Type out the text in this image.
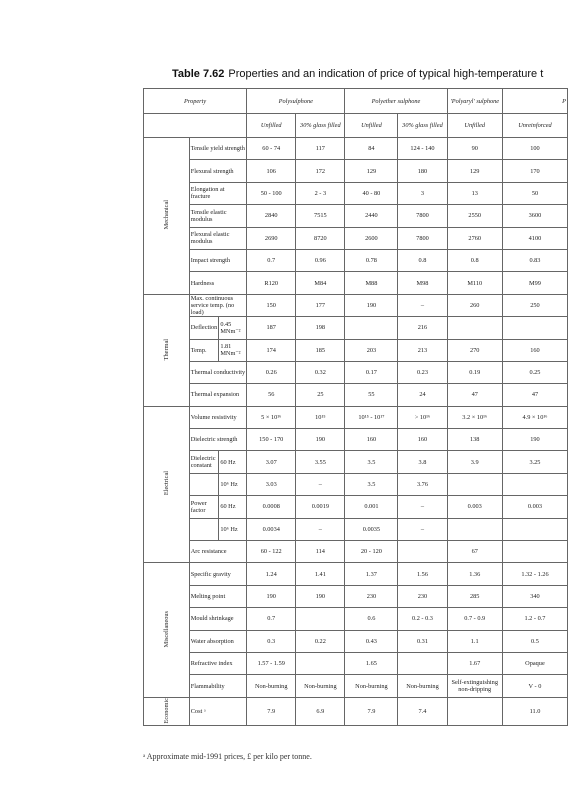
Table 7.62 Properties and an indication of price of typical high-temperature t
Property			Polysulphone		Polyether sulphone		'Polyaryl' sulphone	P
			Unfilled	30% glass filled	Unfilled	30% glass filled	Unfilled	Unreinforced
Mechanical	Tensile yield strength		60 - 74	117	84	124 - 140	90	100
	Flexural strength		106	172	129	180	129	170
	Elongation at fracture		50 - 100	2 - 3	40 - 80	3	13	50
	Tensile elastic modulus		2840	7515	2440	7800	2550	3600
	Flexural elastic modulus		2690	8720	2600	7800	2760	4100
	Impact strength		0.7	0.96	0.78	0.8	0.8	0.83
	Hardness		R120	M84	M88	M98	M110	M99
Thermal	Max. continuous service temp. (no load)		150	177	190	–	260	250
	Deflection	0.45 MNm⁻²	187	198		216		
	Temp.	1.81 MNm⁻²	174	185	203	213	270	160
	Thermal conductivity		0.26	0.32	0.17	0.23	0.19	0.25
	Thermal expansion		56	25	55	24	47	47
Electrical	Volume resistivity		5 × 10¹⁶	10¹⁵	10¹⁵ - 10¹⁷	> 10¹⁶	3.2 × 10¹⁶	4.9 × 10¹⁶
	Dielectric strength		150 - 170	190	160	160	138	190
	Dielectric constant	60 Hz	3.07	3.55	3.5	3.8	3.9	3.25
		10⁶ Hz	3.03	–	3.5	3.76		
	Power factor	60 Hz	0.0008	0.0019	0.001	–	0.003	0.003
		10⁶ Hz	0.0034	–	0.0035	–		
	Arc resistance		60 - 122	114	20 - 120		67	
Miscellaneous	Specific gravity		1.24	1.41	1.37	1.56	1.36	1.32 - 1.26
	Melting point		190	190	230	230	285	340
	Mould shrinkage		0.7		0.6	0.2 - 0.3	0.7 - 0.9	1.2 - 0.7
	Water absorption		0.3	0.22	0.43	0.31	1.1	0.5
	Refractive index		1.57 - 1.59		1.65		1.67	Opaque
	Flammability		Non-burning	Non-burning	Non-burning	Non-burning	Self-extinguishing non-dripping	V - 0
Economic	Cost ᵃ		7.9	6.9	7.9	7.4		11.0
ᵃ Approximate mid-1991 prices, £ per kilo per tonne.
